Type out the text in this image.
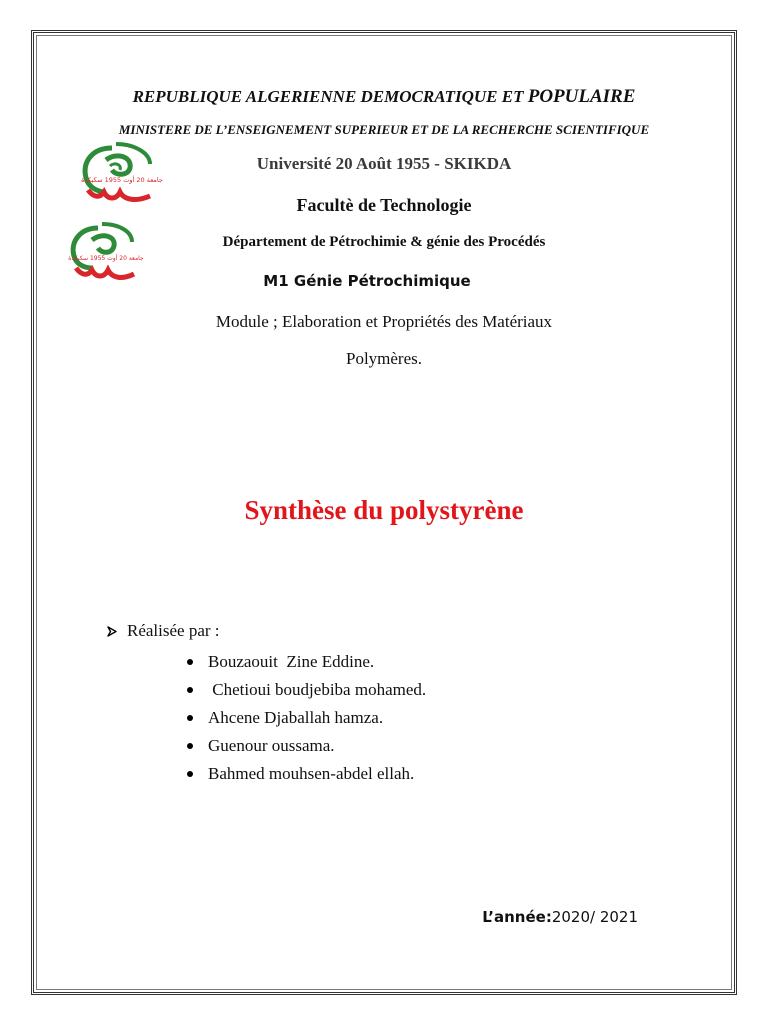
REPUBLIQUE ALGERIENNE DEMOCRATIQUE ET POPULAIRE
MINISTERE DE L’ENSEIGNEMENT SUPERIEUR ET DE LA RECHERCHE SCIENTIFIQUE
جامعة 20 أوت 1955 سكيكدة
Université 20 Août 1955 - SKIKDA
Facultè de Technologie
جامعة 20 أوت 1955 سكيكدة
Département de Pétrochimie & génie des Procédés
M1 Génie Pétrochimique
Module ; Elaboration et Propriétés des Matériaux
Polymères.
Synthèse du polystyrène
Réalisée par :
Bouzaouit  Zine Eddine.
Chetioui boudjebiba mohamed.
Ahcene Djaballah hamza.
Guenour oussama.
Bahmed mouhsen-abdel ellah.
L’année:2020/ 2021
